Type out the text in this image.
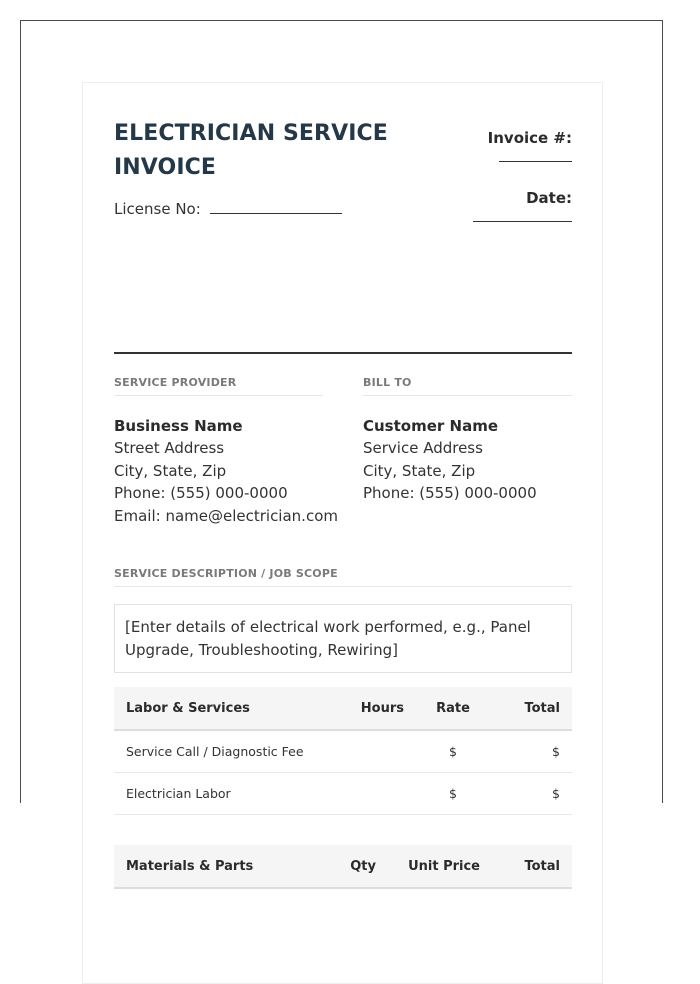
ELECTRICIAN SERVICE INVOICE
License No:
Invoice #:
Date:
SERVICE PROVIDER
Business Name
Street Address
City, State, Zip
Phone: (555) 000-0000
Email: name@electrician.com
BILL TO
Customer Name
Service Address
City, State, Zip
Phone: (555) 000-0000
SERVICE DESCRIPTION / JOB SCOPE
[Enter details of electrical work performed, e.g., Panel Upgrade, Troubleshooting, Rewiring]
Labor & Services	Hours	Rate	Total
Service Call / Diagnostic Fee		$	$
Electrician Labor		$	$
Materials & Parts	Qty	Unit Price	Total
